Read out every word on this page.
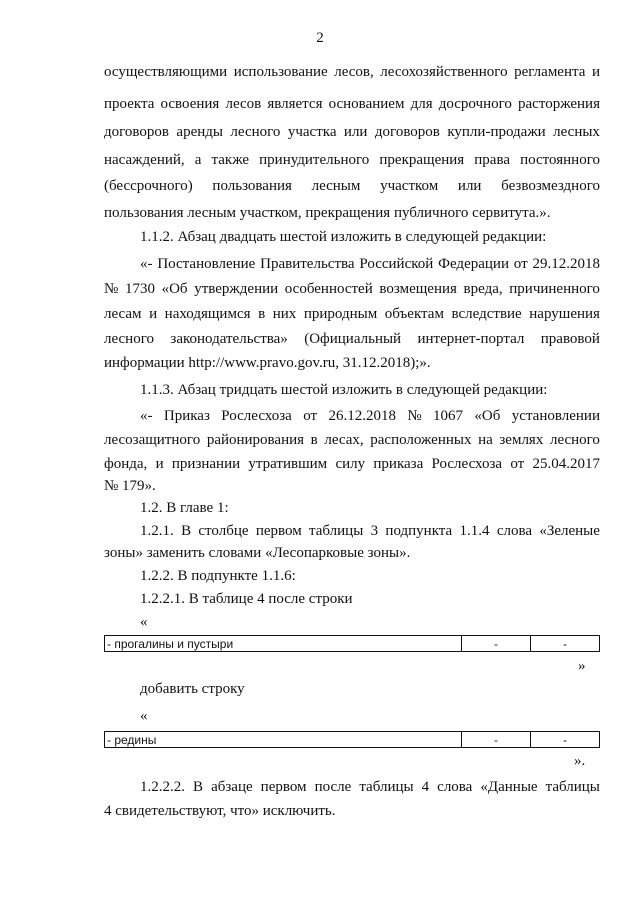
2
осуществляющими использование лесов, лесохозяйственного регламента и
проекта освоения лесов является основанием для досрочного расторжения
договоров аренды лесного участка или договоров купли-продажи лесных
насаждений, а также принудительного прекращения права постоянного
(бессрочного) пользования лесным участком или безвозмездного
пользования лесным участком, прекращения публичного сервитута.».
1.1.2. Абзац двадцать шестой изложить в следующей редакции:
«- Постановление Правительства Российской Федерации от 29.12.2018
№ 1730 «Об утверждении особенностей возмещения вреда, причиненного
лесам и находящимся в них природным объектам вследствие нарушения
лесного законодательства» (Официальный интернет-портал правовой
информации http://www.pravo.gov.ru, 31.12.2018);».
1.1.3. Абзац тридцать шестой изложить в следующей редакции:
«- Приказ Рослесхоза от 26.12.2018 № 1067 «Об установлении
лесозащитного районирования в лесах, расположенных на землях лесного
фонда, и признании утратившим силу приказа Рослесхоза от 25.04.2017
№ 179».
1.2. В главе 1:
1.2.1. В столбце первом таблицы 3 подпункта 1.1.4 слова «Зеленые
зоны» заменить словами «Лесопарковые зоны».
1.2.2. В подпункте 1.1.6:
1.2.2.1. В таблице 4 после строки
«
- прогалины и пустыри	-	-
»
добавить строку
«
- редины	-	-
».
1.2.2.2. В абзаце первом после таблицы 4 слова «Данные таблицы
4 свидетельствуют, что» исключить.
